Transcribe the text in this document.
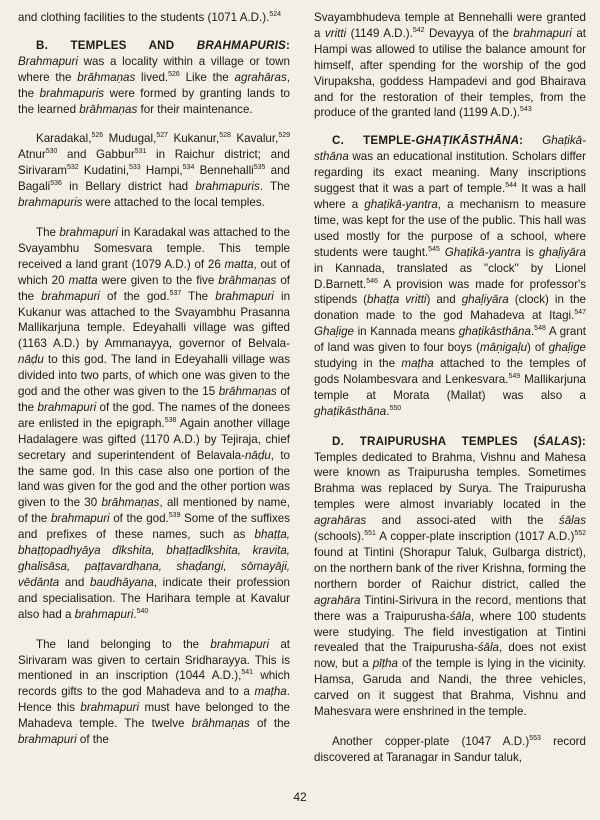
and clothing facilities to the students (1071 A.D.).$^{524}$

B. TEMPLES AND BRAHMAPURIS: Brahmapuri was a locality within a village or town where the brāhmaṇas lived.$^{526}$ Like the agrahāras, the brahmapuris were formed by granting lands to the learned brāhmaṇas for their maintenance.

Karadakal,$^{526}$ Mudugal,$^{527}$ Kukanur,$^{528}$ Kavalur,$^{529}$ Atnur$^{530}$ and Gabbur$^{531}$ in Raichur district; and Sirivaram$^{532}$ Kudatini,$^{533}$ Hampi,$^{534}$ Bennehalli$^{535}$ and Bagali$^{536}$ in Bellary district had brahmapuris. The brahmapuris were attached to the local temples.

The brahmapuri in Karadakal was attached to the Svayambhu Somesvara temple. This temple received a land grant (1079 A.D.) of 26 matta, out of which 20 matta were given to the five brāhmaṇas of the brahmapuri of the god.$^{537}$ The brahmapuri in Kukanur was attached to the Svayambhu Prasanna Mallikarjuna temple. Edeyahalli village was gifted (1163 A.D.) by Ammanayya, governor of Belvala-nāḍu to this god. The land in Edeyahalli village was divided into two parts, of which one was given to the god and the other was given to the 15 brāhmaṇas of the brahmapuri of the god. The names of the donees are enlisted in the epigraph.$^{538}$ Again another village Hadalagere was gifted (1170 A.D.) by Tejiraja, chief secretary and superintendent of Belavala-nāḍu, to the same god. In this case also one portion of the land was given for the god and the other portion was given to the 30 brāhmaṇas, all mentioned by name, of the brahmapuri of the god.$^{539}$ Some of the suffixes and prefixes of these names, such as bhaṭṭa, bhaṭṭopadhyāya dīkshita, bhaṭṭadīkshita, kravita, ghalisāsa, paṭṭavardhana, shaḍangi, sōmayāji, vēdānta and baudhāyana, indicate their profession and specialisation. The Harihara temple at Kavalur also had a brahmapuri.$^{540}$

The land belonging to the brahmapuri at Sirivaram was given to certain Sridharayya. This is mentioned in an inscription (1044 A.D.),$^{541}$ which records gifts to the god Mahadeva and to a maṭha. Hence this brahmapuri must have belonged to the Mahadeva temple. The twelve brāhmaṇas of the brahmapuri of the

Svayambhudeva temple at Bennehalli were granted a vritti (1149 A.D.).$^{542}$ Devayya of the brahmapuri at Hampi was allowed to utilise the balance amount for himself, after spending for the worship of the god Virupaksha, goddess Hampadevi and god Bhairava and for the restoration of their temples, from the produce of the granted land (1199 A.D.).$^{543}$

C. TEMPLE-GHAṬIKĀSTHĀNA: Ghaṭikā-sthāna was an educational institution. Scholars differ regarding its exact meaning. Many inscriptions suggest that it was a part of temple.$^{544}$ It was a hall where a ghaṭikā-yantra, a mechanism to measure time, was kept for the use of the public. This hall was used mostly for the purpose of a school, where students were taught.$^{545}$ Ghaṭikā-yantra is ghaḷiyāra in Kannada, translated as "clock" by Lionel D.Barnett.$^{546}$ A provision was made for professor's stipends (bhaṭṭa vritti) and ghaḷiyāra (clock) in the donation made to the god Mahadeva at Itagi.$^{547}$ Ghaḷige in Kannada means ghaṭikāsthāna.$^{548}$ A grant of land was given to four boys (māṇigaḷu) of ghaḷige studying in the maṭha attached to the temples of gods Nolambesvara and Lenkesvara.$^{549}$ Mallikarjuna temple at Morata (Mallat) was also a ghaṭikāsthāna.$^{550}$

D. TRAIPURUSHA TEMPLES (ŚALAS): Temples dedicated to Brahma, Vishnu and Mahesa were known as Traipurusha temples. Sometimes Brahma was replaced by Surya. The Traipurusha temples were almost invariably located in the agrahāras and associ-ated with the śālas (schools).$^{551}$ A copper-plate inscription (1017 A.D.)$^{552}$ found at Tintini (Shorapur Taluk, Gulbarga district), on the northern bank of the river Krishna, forming the northern border of Raichur district, called the agrahāra Tintini-Sirivura in the record, mentions that there was a Traipurusha-śāla, where 100 students were studying. The field investigation at Tintini revealed that the Traipurusha-śāla, does not exist now, but a pīṭha of the temple is lying in the vicinity. Hamsa, Garuda and Nandi, the three vehicles, carved on it suggest that Brahma, Vishnu and Mahesvara were enshrined in the temple.

Another copper-plate (1047 A.D.)$^{553}$ record discovered at Taranagar in Sandur taluk,

42
